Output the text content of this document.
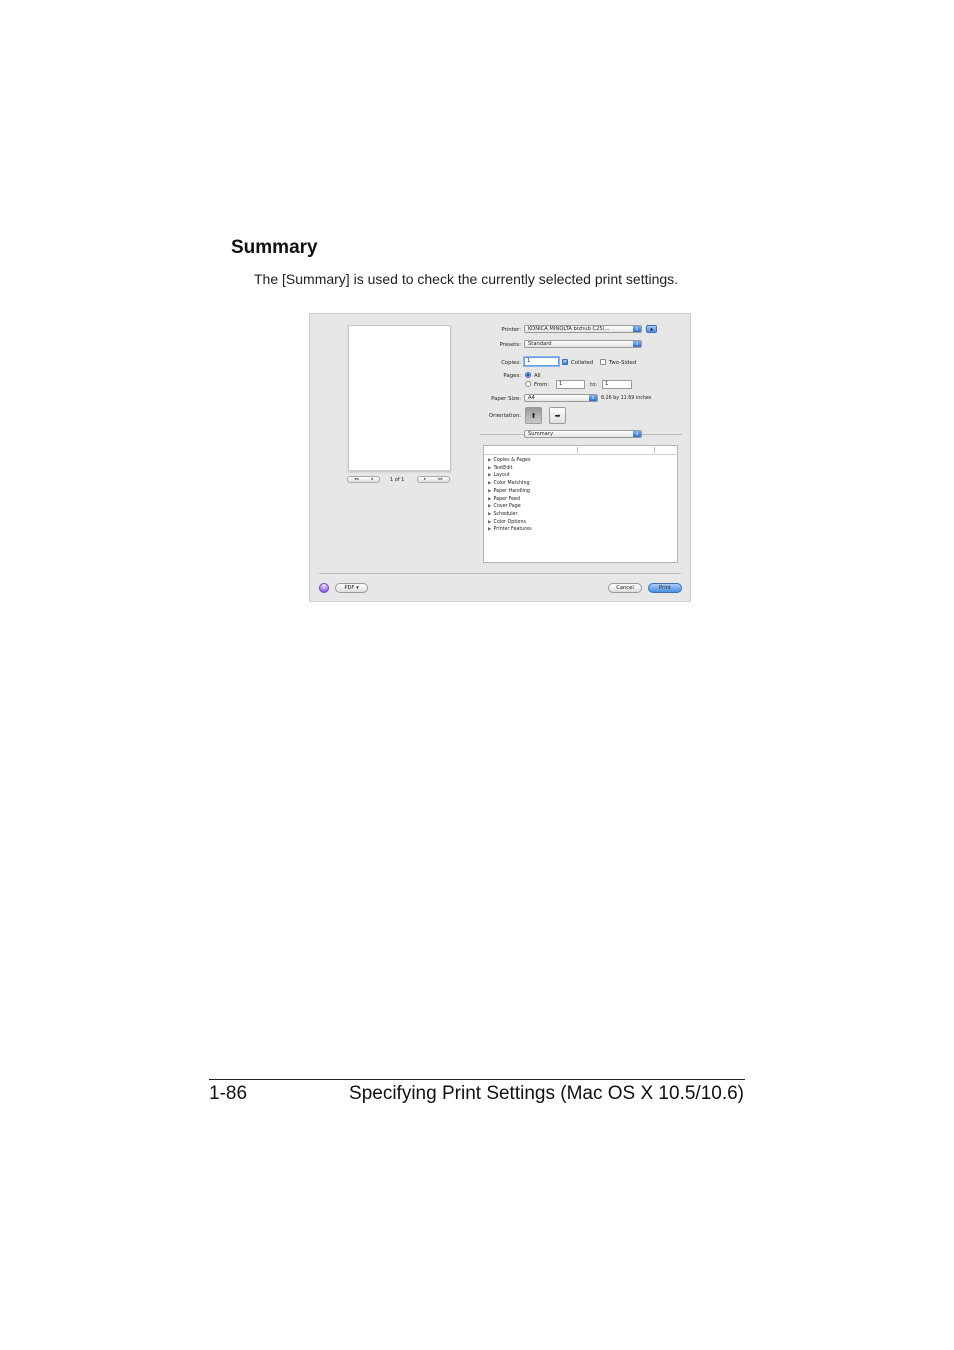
Summary
The [Summary] is used to check the currently selected print settings.
◂◂	◂	1 of 1	▸	▸▸
Printer:	KONICA MINOLTA bizhub C25(...	⇕	▲
Presets:	Standard	⇕
Copies:	1	✓ Collated	Two-Sided
Pages: All
From:	1	to:	1
Paper Size:	A4	⇕	8.26 by 11.69 inches
Orientation: ⬆	➡
Summary	⇕
▶ Copies & Pages
▶ TextEdit
▶ Layout
▶ Color Matching
▶ Paper Handling
▶ Paper Feed
▶ Cover Page
▶ Scheduler
▶ Color Options
▶ Printer Features
?	PDF ▾	Cancel	Print
1-86	Specifying Print Settings (Mac OS X 10.5/10.6)
